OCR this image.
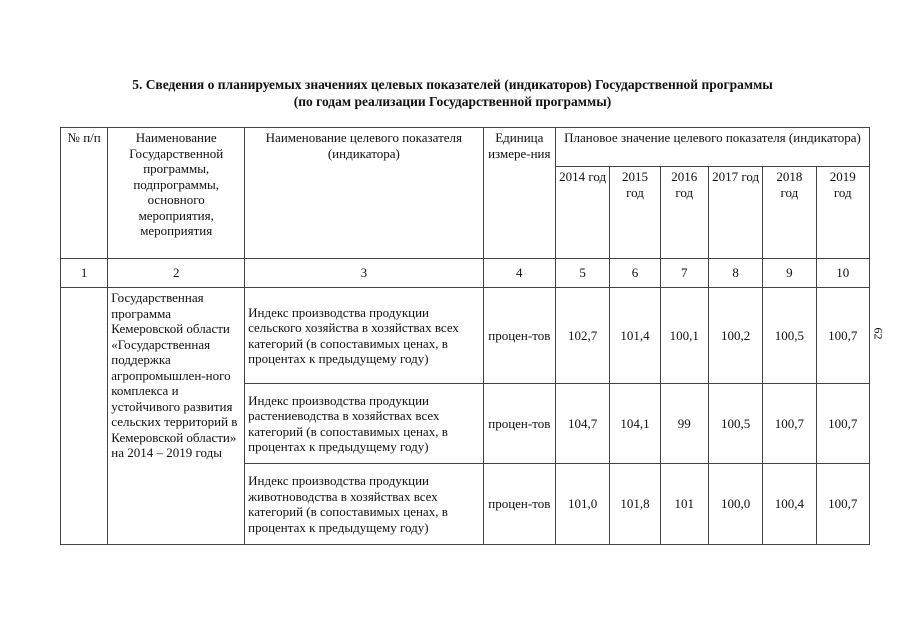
5. Сведения о планируемых значениях целевых показателей (индикаторов) Государственной программы
(по годам реализации Государственной программы)
62
№ п/п	Наименование Государственной программы, подпрограммы, основного мероприятия, мероприятия	Наименование целевого показателя (индикатора)	Единица измере-ния	Плановое значение целевого показателя (индикатора)					
				2014 год	2015 год	2016 год	2017 год	2018 год	2019 год
1	2	3	4	5	6	7	8	9	10
	Государственная программа Кемеровской области «Государственная поддержка агропромышлен-ного комплекса и устойчивого развития сельских территорий в Кемеровской области» на 2014 – 2019 годы	Индекс производства продукции сельского хозяйства в хозяйствах всех категорий (в сопоставимых ценах, в процентах к предыдущему году)	процен-тов	102,7	101,4	100,1	100,2	100,5	100,7
		Индекс производства продукции растениеводства в хозяйствах всех категорий (в сопоставимых ценах, в процентах к предыдущему году)	процен-тов	104,7	104,1	99	100,5	100,7	100,7
		Индекс производства продукции животноводства в хозяйствах всех категорий (в сопоставимых ценах, в процентах к предыдущему году)	процен-тов	101,0	101,8	101	100,0	100,4	100,7
